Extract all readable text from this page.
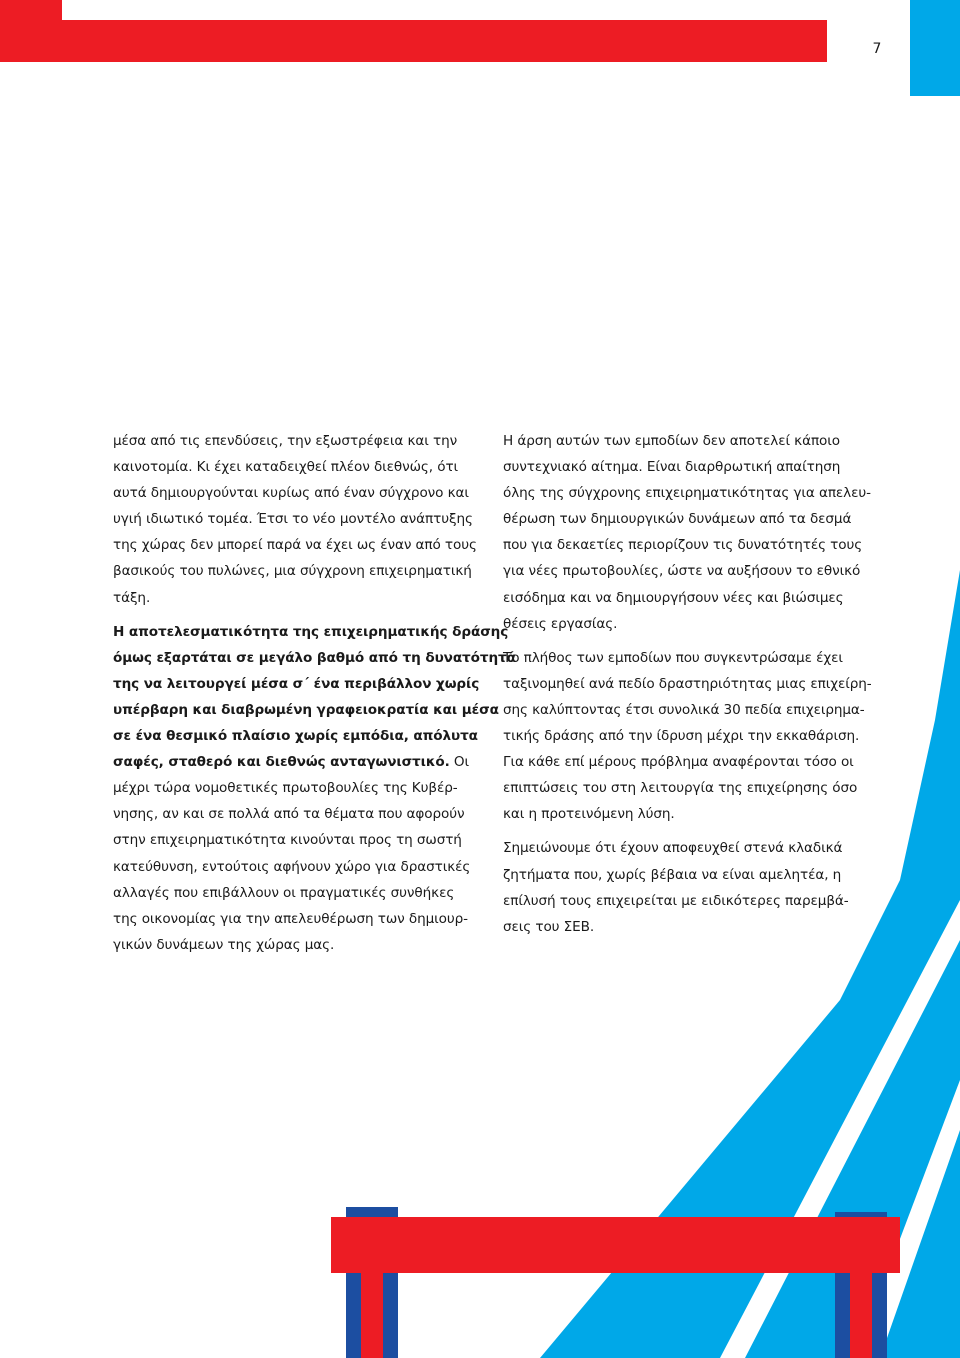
7

μέσα από τις επενδύσεις, την εξωστρέφεια και την
καινοτομία. Κι έχει καταδειχθεί πλέον διεθνώς, ότι
αυτά δημιουργούνται κυρίως από έναν σύγχρονο και
υγιή ιδιωτικό τομέα. Έτσι το νέο μοντέλο ανάπτυξης
της χώρας δεν μπορεί παρά να έχει ως έναν από τους
βασικούς του πυλώνες, μια σύγχρονη επιχειρηματική
τάξη.

Η αποτελεσματικότητα της επιχειρηματικής δράσης
όμως εξαρτάται σε μεγάλο βαθμό από τη δυνατότητά
της να λειτουργεί μέσα σ΄ ένα περιβάλλον χωρίς
υπέρβαρη και διαβρωμένη γραφειοκρατία και μέσα
σε ένα θεσμικό πλαίσιο χωρίς εμπόδια, απόλυτα
σαφές, σταθερό και διεθνώς ανταγωνιστικό. Οι
μέχρι τώρα νομοθετικές πρωτοβουλίες της Κυβέρ-
νησης, αν και σε πολλά από τα θέματα που αφορούν
στην επιχειρηματικότητα κινούνται προς τη σωστή
κατεύθυνση, εντούτοις αφήνουν χώρο για δραστικές
αλλαγές που επιβάλλουν οι πραγματικές συνθήκες
της οικονομίας για την απελευθέρωση των δημιουρ-
γικών δυνάμεων της χώρας μας.

Η άρση αυτών των εμποδίων δεν αποτελεί κάποιο
συντεχνιακό αίτημα. Είναι διαρθρωτική απαίτηση
όλης της σύγχρονης επιχειρηματικότητας για απελευ-
θέρωση των δημιουργικών δυνάμεων από τα δεσμά
που για δεκαετίες περιορίζουν τις δυνατότητές τους
για νέες πρωτοβουλίες, ώστε να αυξήσουν το εθνικό
εισόδημα και να δημιουργήσουν νέες και βιώσιμες
θέσεις εργασίας.

Το πλήθος των εμποδίων που συγκεντρώσαμε έχει
ταξινομηθεί ανά πεδίο δραστηριότητας μιας επιχείρη-
σης καλύπτοντας έτσι συνολικά 30 πεδία επιχειρημα-
τικής δράσης από την ίδρυση μέχρι την εκκαθάριση.
Για κάθε επί μέρους πρόβλημα αναφέρονται τόσο οι
επιπτώσεις του στη λειτουργία της επιχείρησης όσο
και η προτεινόμενη λύση.

Σημειώνουμε ότι έχουν αποφευχθεί στενά κλαδικά
ζητήματα που, χωρίς βέβαια να είναι αμελητέα, η
επίλυσή τους επιχειρείται με ειδικότερες παρεμβά-
σεις του ΣΕΒ.
